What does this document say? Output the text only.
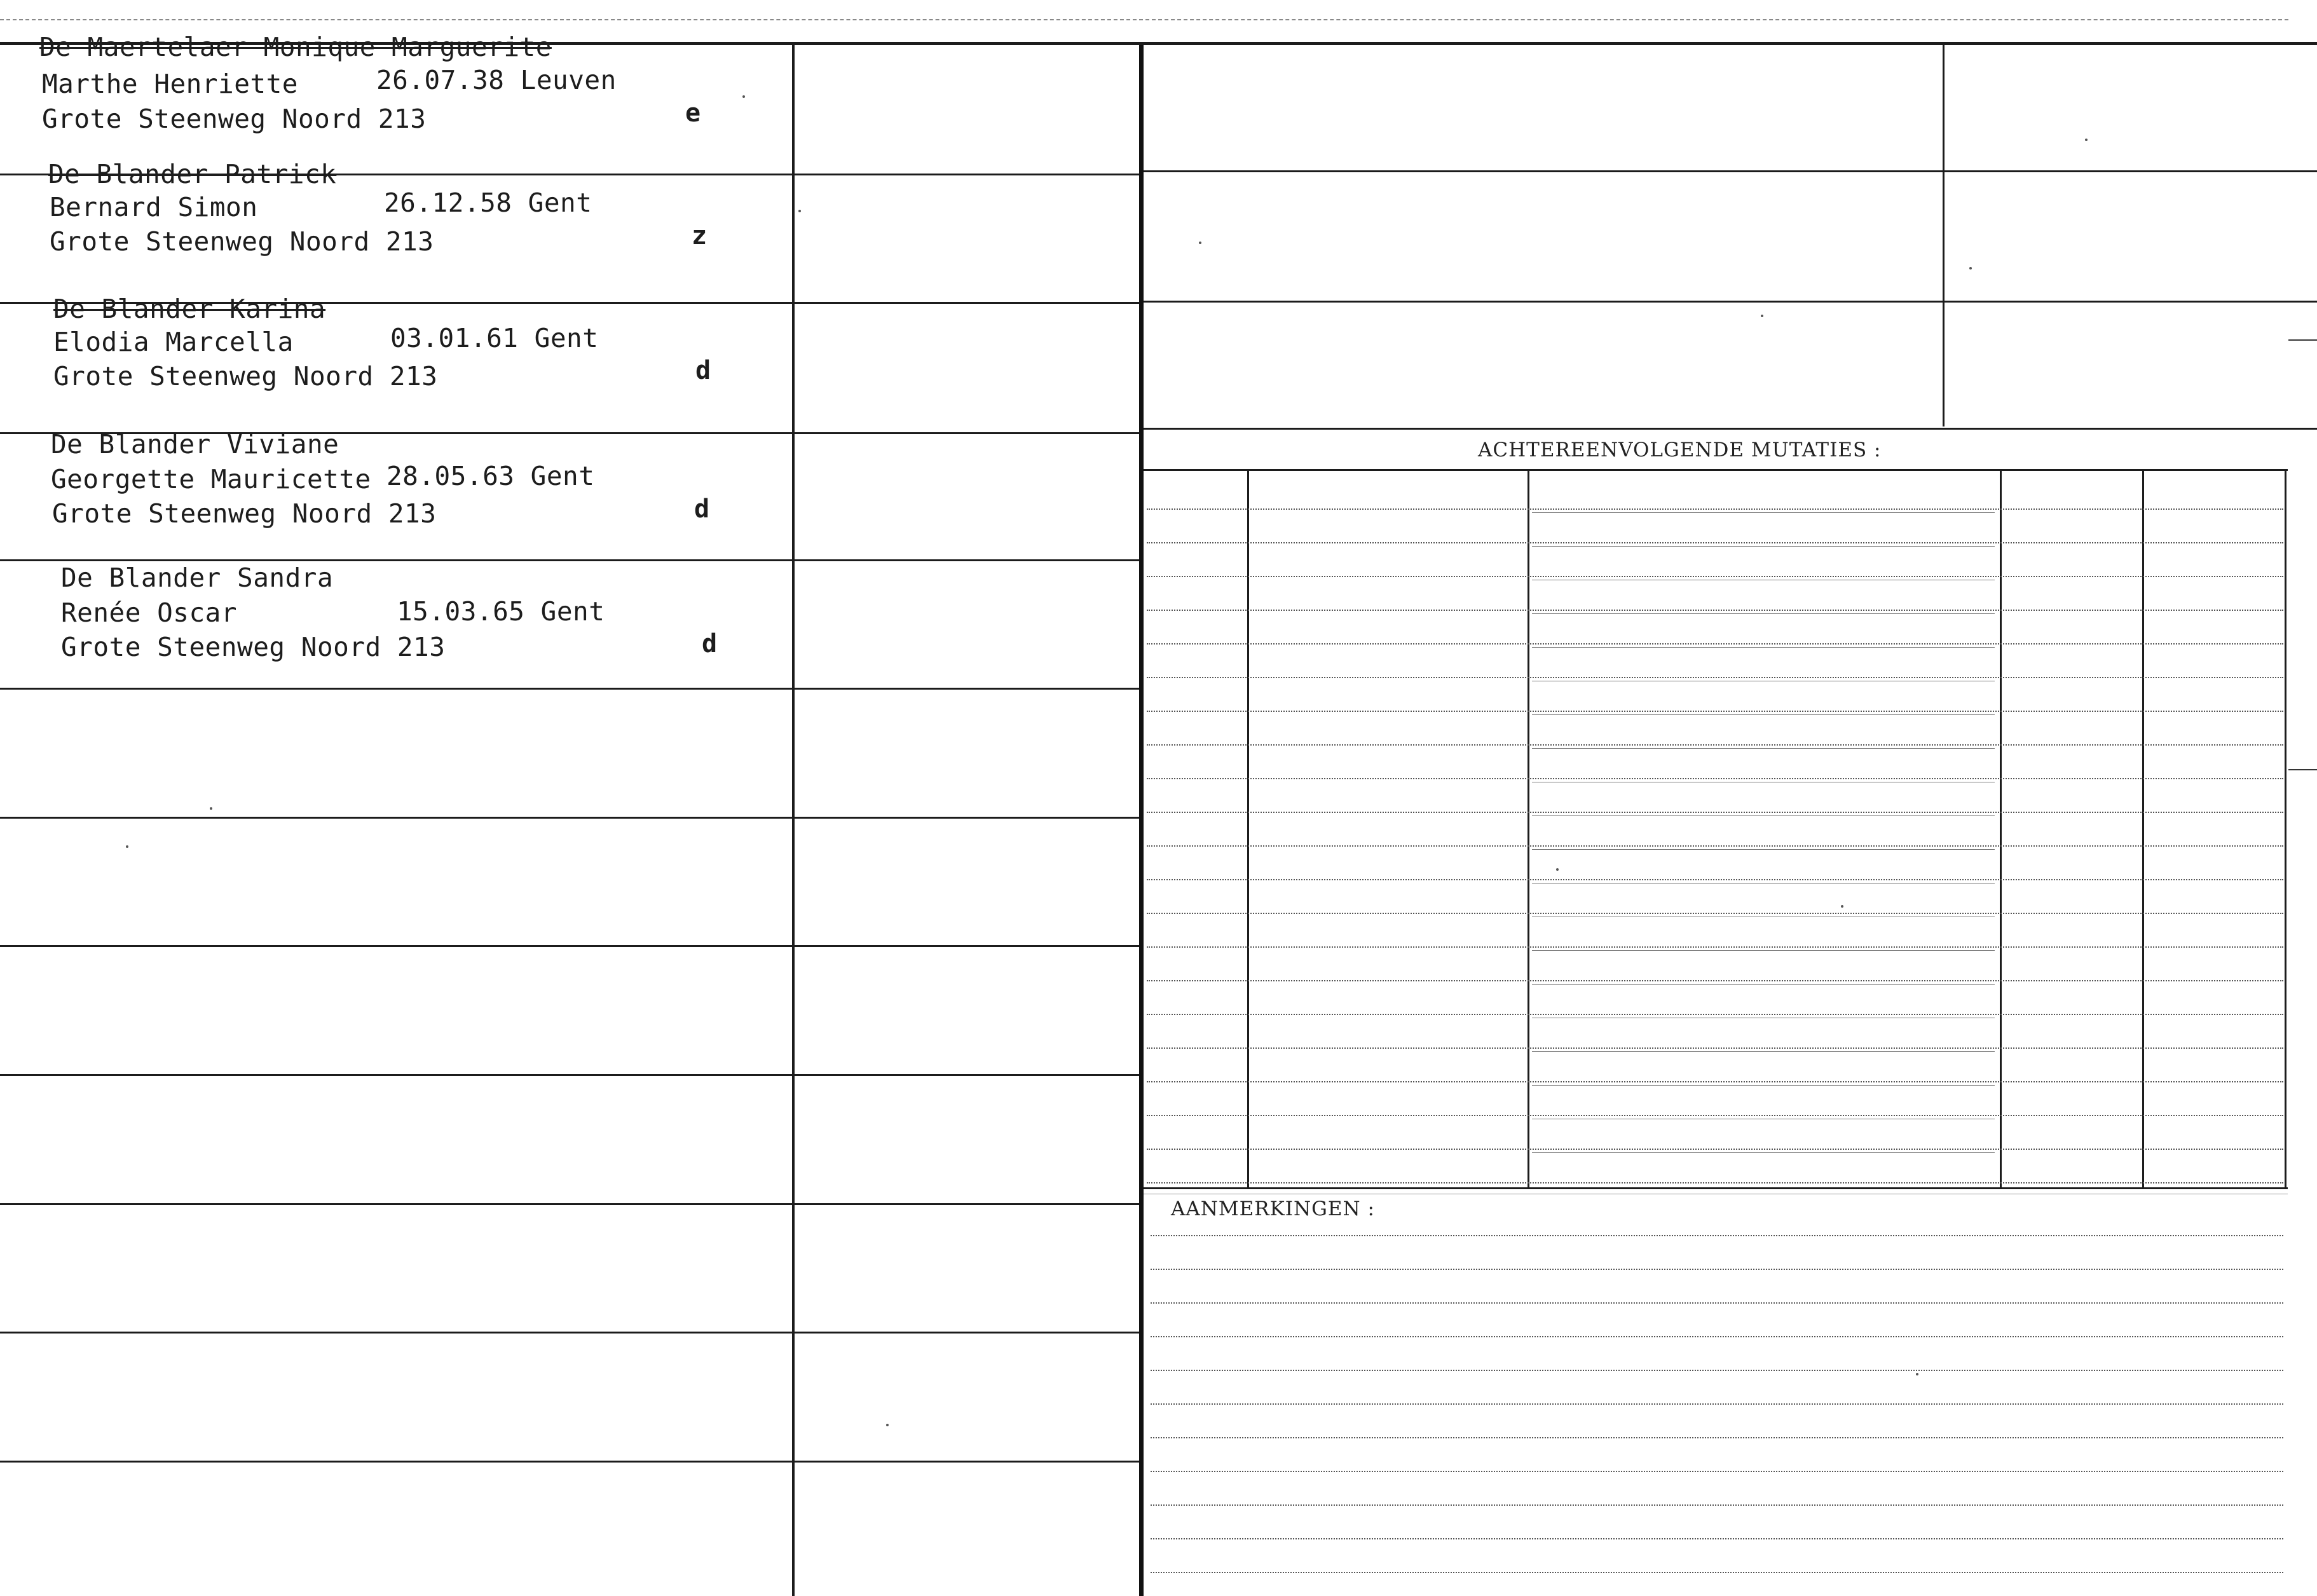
De Maertelaer Monique Marguerite
Marthe Henriette	26.07.38 Leuven
Grote Steenweg Noord 213	e
De Blander Patrick
Bernard Simon	26.12.58 Gent
Grote Steenweg Noord 213	z
De Blander Karina
Elodia Marcella	03.01.61 Gent
Grote Steenweg Noord 213	d
De Blander Viviane
Georgette Mauricette 28.05.63 Gent
Grote Steenweg Noord 213	d
De Blander Sandra
Renée Oscar	15.03.65 Gent
Grote Steenweg Noord 213	d
ACHTEREENVOLGENDE MUTATIES :
AANMERKINGEN :
